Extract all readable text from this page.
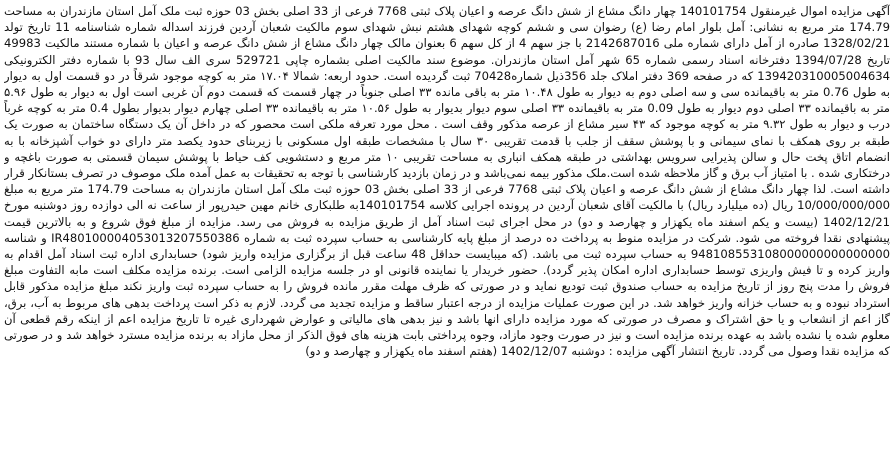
آگهی مزایده اموال غیرمنقول 140101754 چهار دانگ مشاع از شش دانگ عرصه و اعیان پلاک ثبتی 7768 فرعی از 33 اصلی بخش 03 حوزه ثبت ملک آمل استان مازندران به مساحت 174.79 متر مربع به نشانی: آمل بلوار امام رضا (ع) رضوان سی و ششم کوچه شهدای هشتم نبش شهدای سوم مالکیت شعبان آردین فرزند اسداله شماره شناسنامه 11 تاریخ تولد 1328/02/21 صادره از آمل دارای شماره ملی 2142687016 با جز سهم 4 از کل سهم 6 بعنوان مالک چهار دانگ مشاع از شش دانگ عرصه و اعیان با شماره مستند مالکیت 49983 تاریخ 1394/07/28 دفترخانه اسناد رسمی شماره 65 شهر آمل استان مازندران. موضوع سند مالکیت اصلی بشماره چاپی 529721 سری الف سال 93 با شماره دفتر الکترونیکی 139420310005004634 که در صفحه 369 دفتر املاک جلد 356ذیل شماره70428 ثبت گردیده است. حدود اربعه: شمالا ۱۷.۰۴ متر به کوچه موجود شرقاً در دو قسمت اول به دیوار به طول 0.76 متر به باقیمانده سی و سه اصلی دوم به دیوار به طول ۱۰.۴۸ متر به باقی مانده ۳۳ اصلی جنوباً در چهار قسمت که قسمت دوم آن غربی است اول به دیوار به طول ۵.۹۶ متر به باقیمانده ۳۳ اصلی دوم دیوار به طول 0.09 متر به باقیمانده ۳۳ اصلی سوم دیوار بدیوار به طول ۱۰.۵۶ متر به باقیمانده ۳۳ اصلی چهارم دیوار بدیوار بطول 0.4 متر به کوچه غرباً درب و دیوار به طول ۹.۳۲ متر به کوچه موجود که ۴۳ سیر مشاع از عرصه مذکور وقف است . محل مورد تعرفه ملکی است محصور که در داخل آن یک دستگاه ساختمان به صورت یک طبقه بر روی همکف با نمای سیمانی و با پوشش سقف از جلب با قدمت تقریبی ۳۰ سال با مشخصات طبقه اول مسکونی با زیربنای حدود یکصد متر دارای دو خواب آشپزخانه با به انضمام اتاق پخت حال و سالن پذیرایی سرویس بهداشتی در طبقه همکف انباری به مساحت تقریبی ۱۰ متر مربع و دستشویی کف حیاط با پوشش سیمان قسمتی به صورت باغچه و درختکاری شده . با امتیاز آب برق و گاز ملاحظه شده است.ملک مذکور بیمه نمی‌باشد و در زمان بازدید کارشناسی با توجه به تحقیقات به عمل آمده ملک موصوف در تصرف بستانکار قرار داشته است. لذا چهار دانگ مشاع از شش دانگ عرصه و اعیان پلاک ثبتی 7768 فرعی از 33 اصلی بخش 03 حوزه ثبت ملک آمل استان مازندران به مساحت 174.79 متر مربع به مبلغ 10/000/000/000 ریال (ده میلیارد ریال) با مالکیت آقای شعبان آردین در پرونده اجرایی کلاسه 140101754به طلبکاری خانم مهین حیدرپور از ساعت نه الی دوازده روز دوشنبه مورخ 1402/12/21 (بیست و یکم اسفند ماه یکهزار و چهارصد و دو) در محل اجرای ثبت اسناد آمل از طریق مزایده به فروش می رسد. مزایده از مبلغ فوق شروع و به بالاترین قیمت پیشنهادی نقدا فروخته می شود. شرکت در مزایده منوط به پرداخت ده درصد از مبلغ پایه کارشناسی به حساب سپرده ثبت به شماره IR480100004053013207550386 و شناسه 948108553108000000000000000 به حساب سپرده ثبت می باشد. (که میبایست حداقل 48 ساعت قبل از برگزاری مزایده واریز شود) حسابداری اداره ثبت اسناد آمل اقدام به واریز کرده و تا فیش واریزی توسط حسابداری اداره امکان پذیر گردد). حضور خریدار یا نماینده قانونی او در جلسه مزایده الزامی است. برنده مزایده مکلف است مابه التفاوت مبلغ فروش را مدت پنج روز از تاریخ مزایده به حساب صندوق ثبت تودیع نماید و در صورتی که ظرف مهلت مقرر مانده فروش را به حساب سپرده ثبت واریز نکند مبلغ مزایده مذکور قابل استرداد نبوده و به حساب خزانه واریز خواهد شد. در این صورت عملیات مزایده از درجه اعتبار ساقط و مزایده تجدید می گردد. لازم به ذکر است پرداخت بدهی های مربوط به آب، برق، گاز اعم از انشعاب و یا حق اشتراک و مصرف در صورتی که مورد مزایده دارای انها باشد و نیز بدهی های مالیاتی و عوارض شهرداری غیره تا تاریخ مزایده اعم از اینکه رقم قطعی آن معلوم شده یا نشده باشد به عهده برنده مزایده است و نیز در صورت وجود مازاد، وجوه پرداختی بابت هزینه های فوق الذکر از محل مازاد به برنده مزایده مسترد خواهد شد و در صورتی که مزایده نقدا وصول می گردد. تاریخ انتشار آگهی مزایده : دوشنبه 1402/12/07 (هفتم اسفند ماه یکهزار و چهارصد و دو)
